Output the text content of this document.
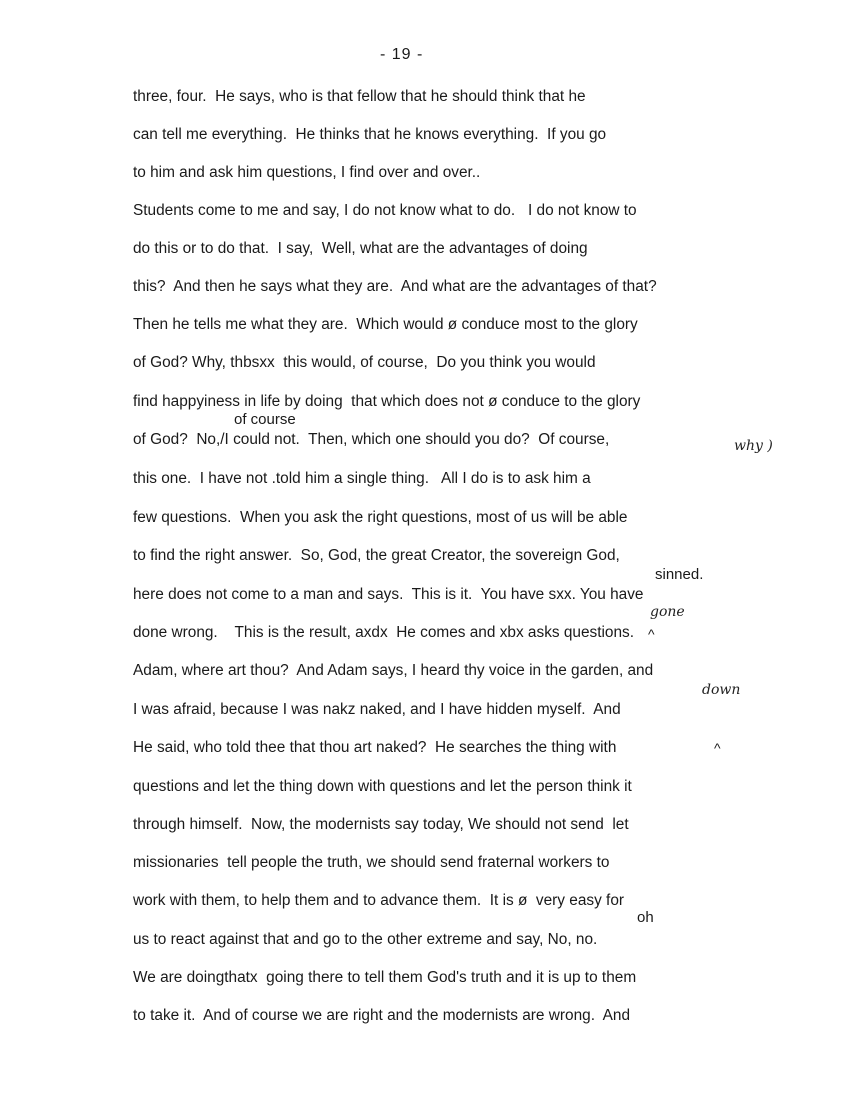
- 19 -
three, four.  He says, who is that fellow that he should think that he
can tell me everything.  He thinks that he knows everything.  If you go
to him and ask him questions, I find over and over..
Students come to me and say, I do not know what to do.   I do not know to
do this or to do that.  I say,  Well, what are the advantages of doing
this?  And then he says what they are.  And what are the advantages of that?
Then he tells me what they are.  Which would ø conduce most to the glory
of God? Why, thbsxx  this would, of course,  Do you think you would
find happyiness in life by doing  that which does not ø conduce to the glory
of God?  No,/I could not.  Then, which one should you do?  Of course,
this one.  I have not .told him a single thing.   All I do is to ask him a
few questions.  When you ask the right questions, most of us will be able
to find the right answer.  So, God, the great Creator, the sovereign God,
here does not come to a man and says.  This is it.  You have sxx. You have
done wrong.    This is the result, axdx  He comes and xbx asks questions.
Adam, where art thou?  And Adam says, I heard thy voice in the garden, and
I was afraid, because I was nakz naked, and I have hidden myself.  And
He said, who told thee that thou art naked?  He searches the thing with
questions and let the thing down with questions and let the person think it
through himself.  Now, the modernists say today, We should not send  let
missionaries  tell people the truth, we should send fraternal workers to
work with them, to help them and to advance them.  It is ø  very easy for
us to react against that and go to the other extreme and say, No, no.
We are doingthatx  going there to tell them God's truth and it is up to them
to take it.  And of course we are right and the modernists are wrong.  And
of course
sinned.
oh
why )
gone
^
down
^
